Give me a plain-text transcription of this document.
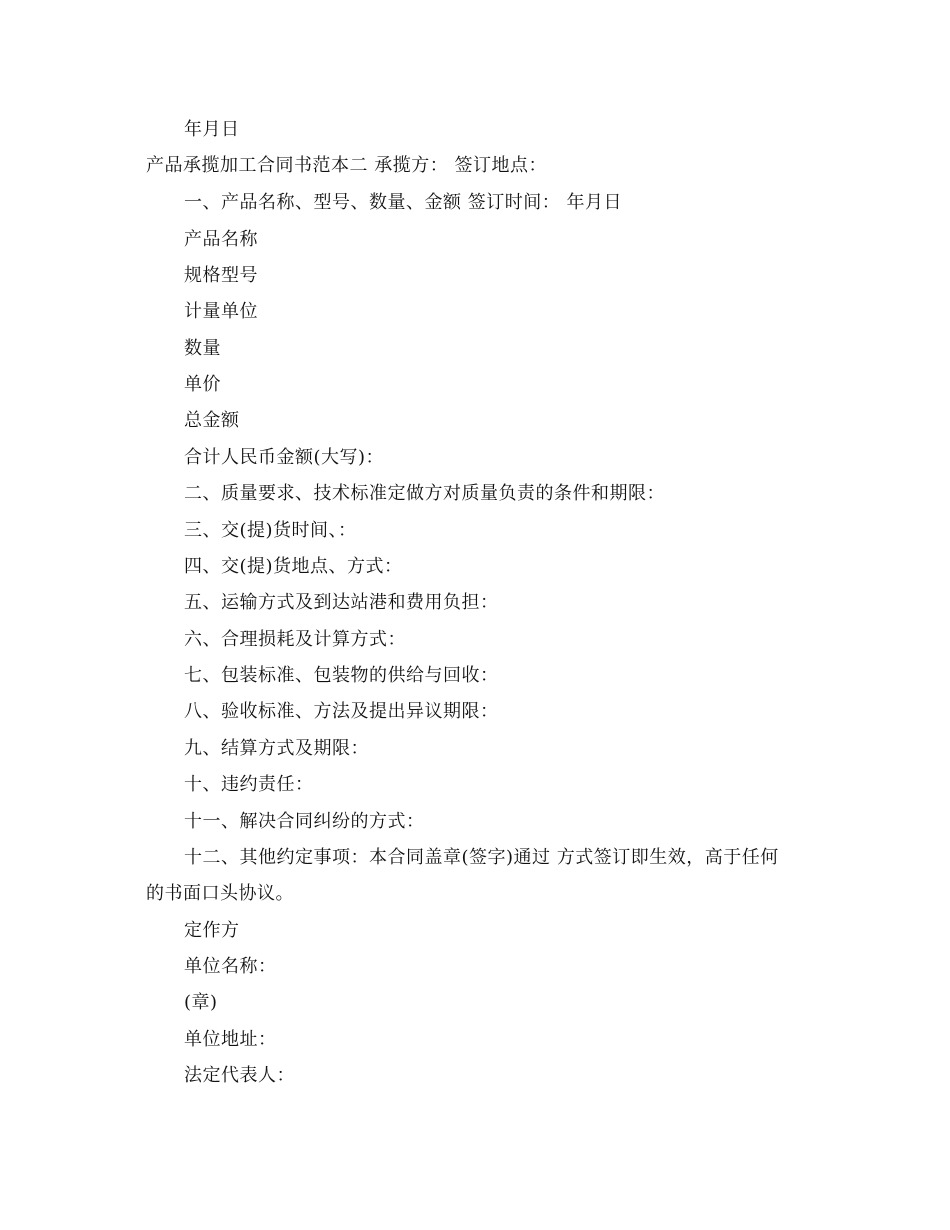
年月日
产品承揽加工合同书范本二 承揽方： 签订地点：
一、产品名称、型号、数量、金额 签订时间： 年月日
产品名称
规格型号
计量单位
数量
单价
总金额
合计人民币金额(大写)：
二、质量要求、技术标准定做方对质量负责的条件和期限：
三、交(提)货时间、：
四、交(提)货地点、方式：
五、运输方式及到达站港和费用负担：
六、合理损耗及计算方式：
七、包装标准、包装物的供给与回收：
八、验收标准、方法及提出异议期限：
九、结算方式及期限：
十、违约责任：
十一、解决合同纠纷的方式：
十二、其他约定事项：本合同盖章(签字)通过 方式签订即生效，高于任何
的书面口头协议。
定作方
单位名称：
(章)
单位地址：
法定代表人：
